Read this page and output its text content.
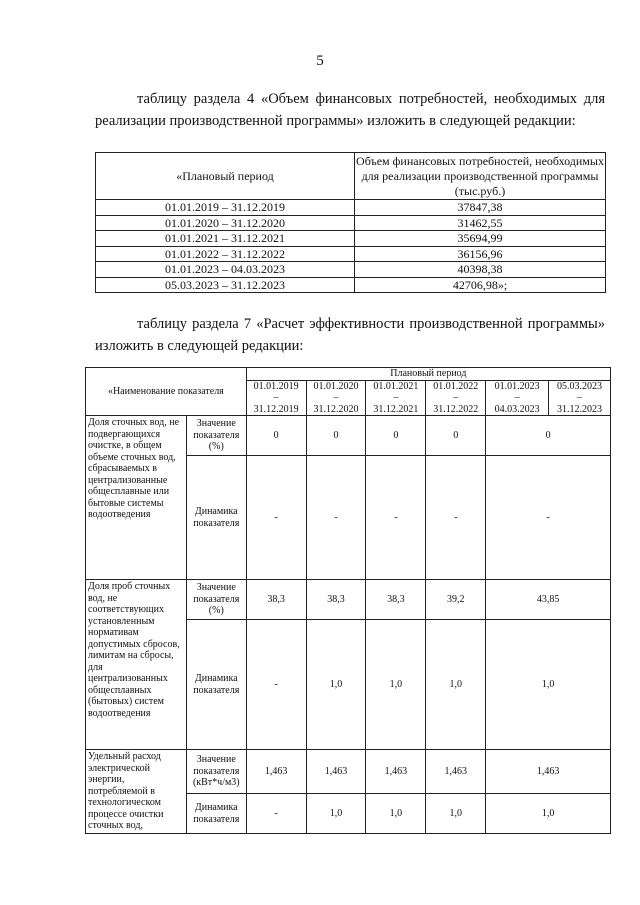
5
таблицу раздела 4 «Объем финансовых потребностей, необходимых для реализации производственной программы» изложить в следующей редакции:
«Плановый период	Объем финансовых потребностей, необходимых для реализации производственной программы (тыс.руб.)
01.01.2019 – 31.12.2019	37847,38
01.01.2020 – 31.12.2020	31462,55
01.01.2021 – 31.12.2021	35694,99
01.01.2022 – 31.12.2022	36156,96
01.01.2023 – 04.03.2023	40398,38
05.03.2023 – 31.12.2023	42706,98»;
таблицу раздела 7 «Расчет эффективности производственной программы» изложить в следующей редакции:
«Наименование показателя		Плановый период					

		01.01.2019
–
31.12.2019	01.01.2020
–
31.12.2020	01.01.2021
–
31.12.2021	01.01.2022
–
31.12.2022	01.01.2023
–
04.03.2023	05.03.2023
–
31.12.2023

Доля сточных вод, не подвергающихся очистке, в общем объеме сточных вод, сбрасываемых в централизованные общесплавные или бытовые системы водоотведения	Значение показателя (%)	0	0	0	0	0	
	Динамика показателя	-	-	-	-	-	
Доля проб сточных вод, не соответствующих установленным нормативам допустимых сбросов, лимитам на сбросы, для централизованных общесплавных (бытовых) систем водоотведения	Значение показателя (%)	38,3	38,3	38,3	39,2	43,85	
	Динамика показателя	-	1,0	1,0	1,0	1,0	
Удельный расход электрической энергии, потребляемой в технологическом процессе очистки сточных вод,	Значение показателя (кВт*ч/м3)	1,463	1,463	1,463	1,463	1,463	
	Динамика показателя	-	1,0	1,0	1,0	1,0	
